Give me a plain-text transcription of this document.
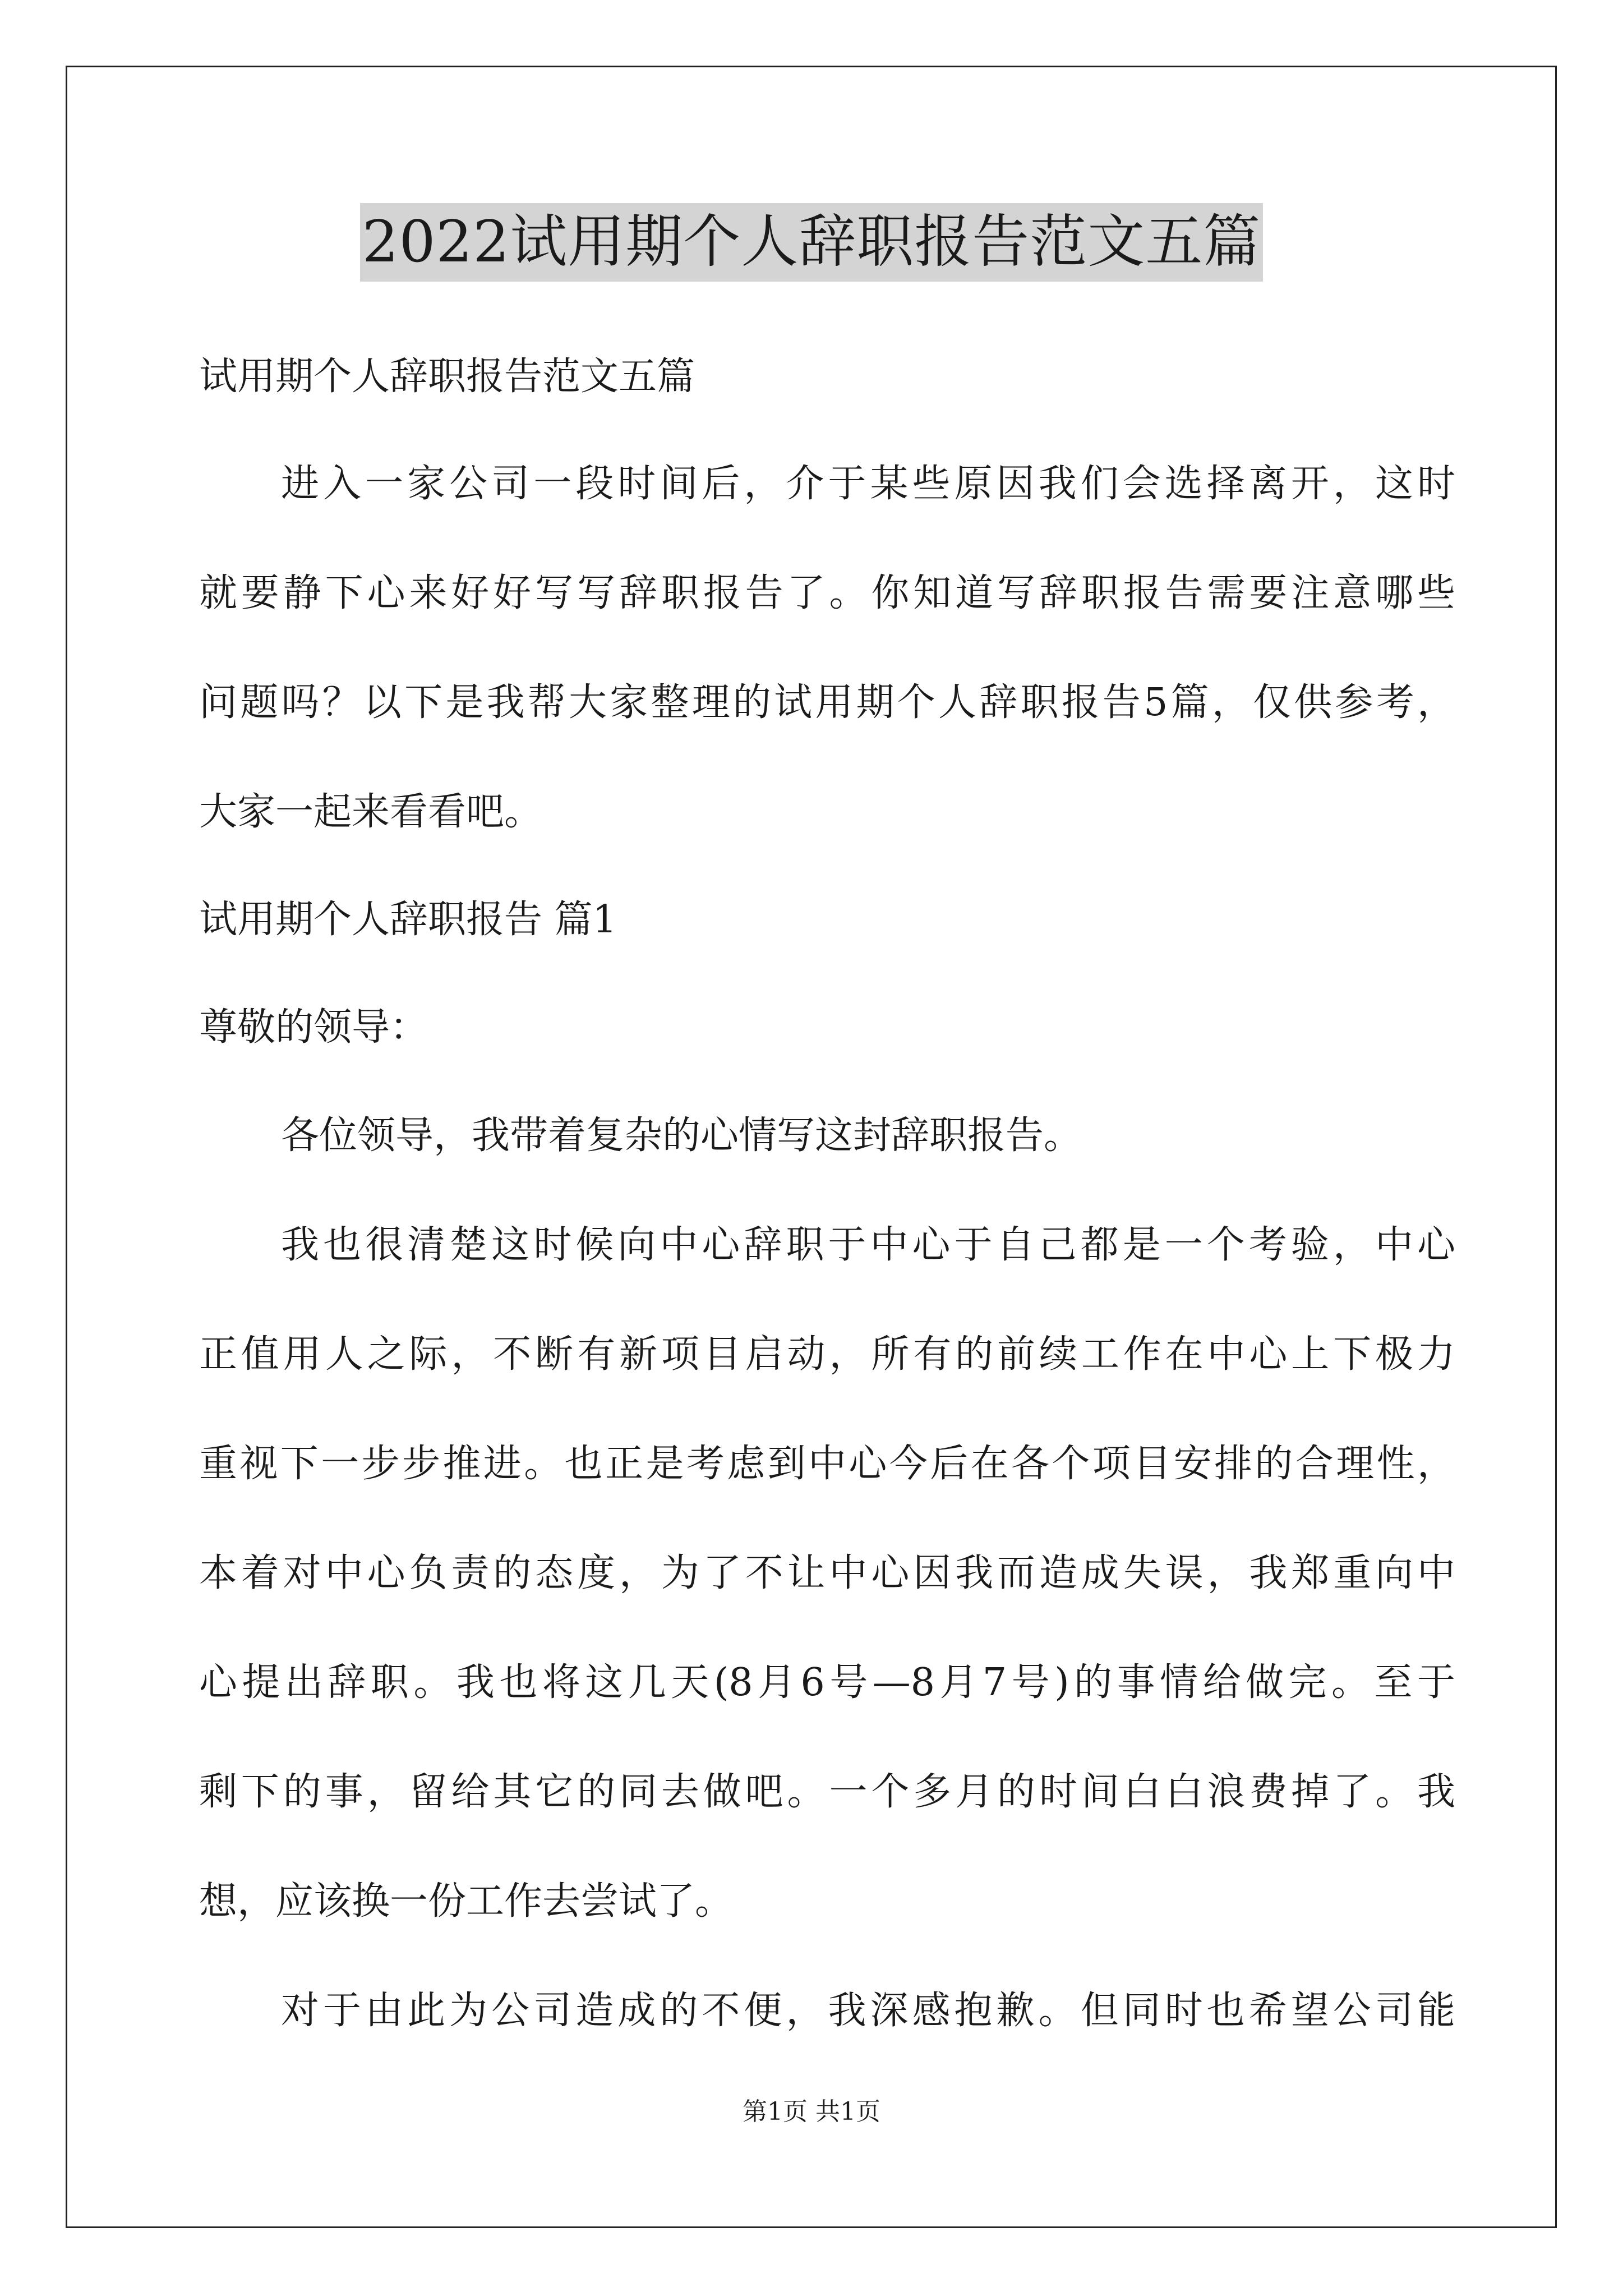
2022试用期个人辞职报告范文五篇
试用期个人辞职报告范文五篇
进入一家公司一段时间后，介于某些原因我们会选择离开，这时
就要静下心来好好写写辞职报告了。你知道写辞职报告需要注意哪些
问题吗？以下是我帮大家整理的试用期个人辞职报告5篇，仅供参考，
大家一起来看看吧。
试用期个人辞职报告 篇1
尊敬的领导：
各位领导，我带着复杂的心情写这封辞职报告。
我也很清楚这时候向中心辞职于中心于自己都是一个考验，中心
正值用人之际，不断有新项目启动，所有的前续工作在中心上下极力
重视下一步步推进。也正是考虑到中心今后在各个项目安排的合理性，
本着对中心负责的态度，为了不让中心因我而造成失误，我郑重向中
心提出辞职。我也将这几天(8月6号—8月7号)的事情给做完。至于
剩下的事，留给其它的同去做吧。一个多月的时间白白浪费掉了。我
想，应该换一份工作去尝试了。
对于由此为公司造成的不便，我深感抱歉。但同时也希望公司能
第1页 共1页
